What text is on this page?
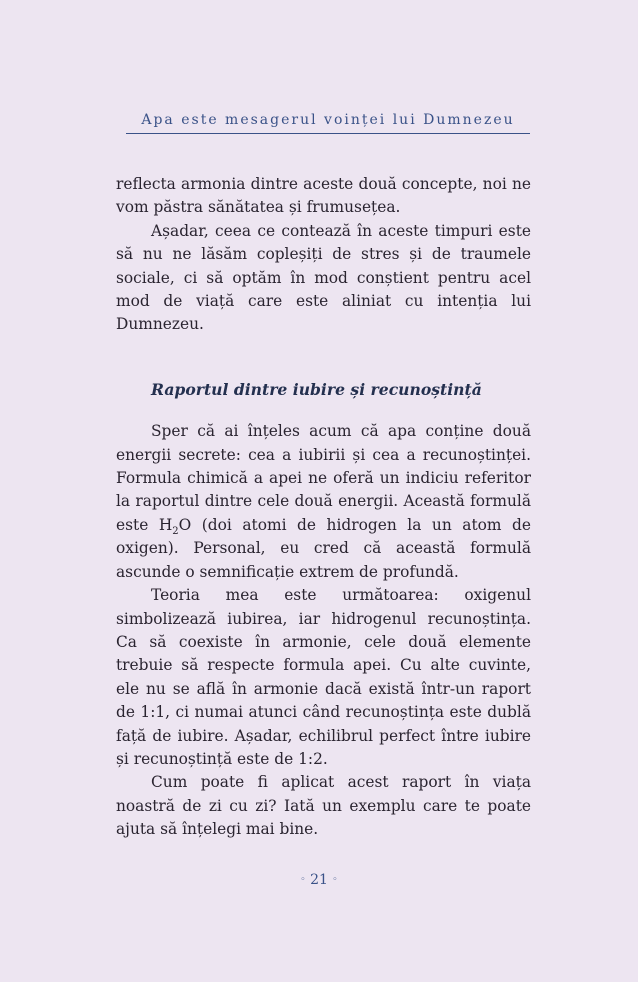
Apa este mesagerul voinței lui Dumnezeu

reflecta armonia dintre aceste două concepte, noi ne vom păstra sănătatea și frumusețea.

Așadar, ceea ce contează în aceste timpuri este să nu ne lăsăm copleșiți de stres și de traumele sociale, ci să optăm în mod conștient pentru acel mod de viață care este aliniat cu intenția lui Dumnezeu.

Raportul dintre iubire și recunoștință

Sper că ai înțeles acum că apa conține două energii secrete: cea a iubirii și cea a recunoștinței. Formula chimică a apei ne oferă un indiciu referitor la raportul dintre cele două energii. Această formulă este $H_2O$ (doi atomi de hidrogen la un atom de oxigen). Personal, eu cred că această formulă ascunde o semnificație extrem de profundă.

Teoria mea este următoarea: oxigenul simbolizează iubirea, iar hidrogenul recunoștința. Ca să coexiste în armonie, cele două elemente trebuie să respecte formula apei. Cu alte cuvinte, ele nu se află în armonie dacă există într-un raport de 1:1, ci numai atunci când recunoștința este dublă față de iubire. Așadar, echilibrul perfect între iubire și recunoștință este de 1:2.

Cum poate fi aplicat acest raport în viața noastră de zi cu zi? Iată un exemplu care te poate ajuta să înțelegi mai bine.

◦ 21 ◦
